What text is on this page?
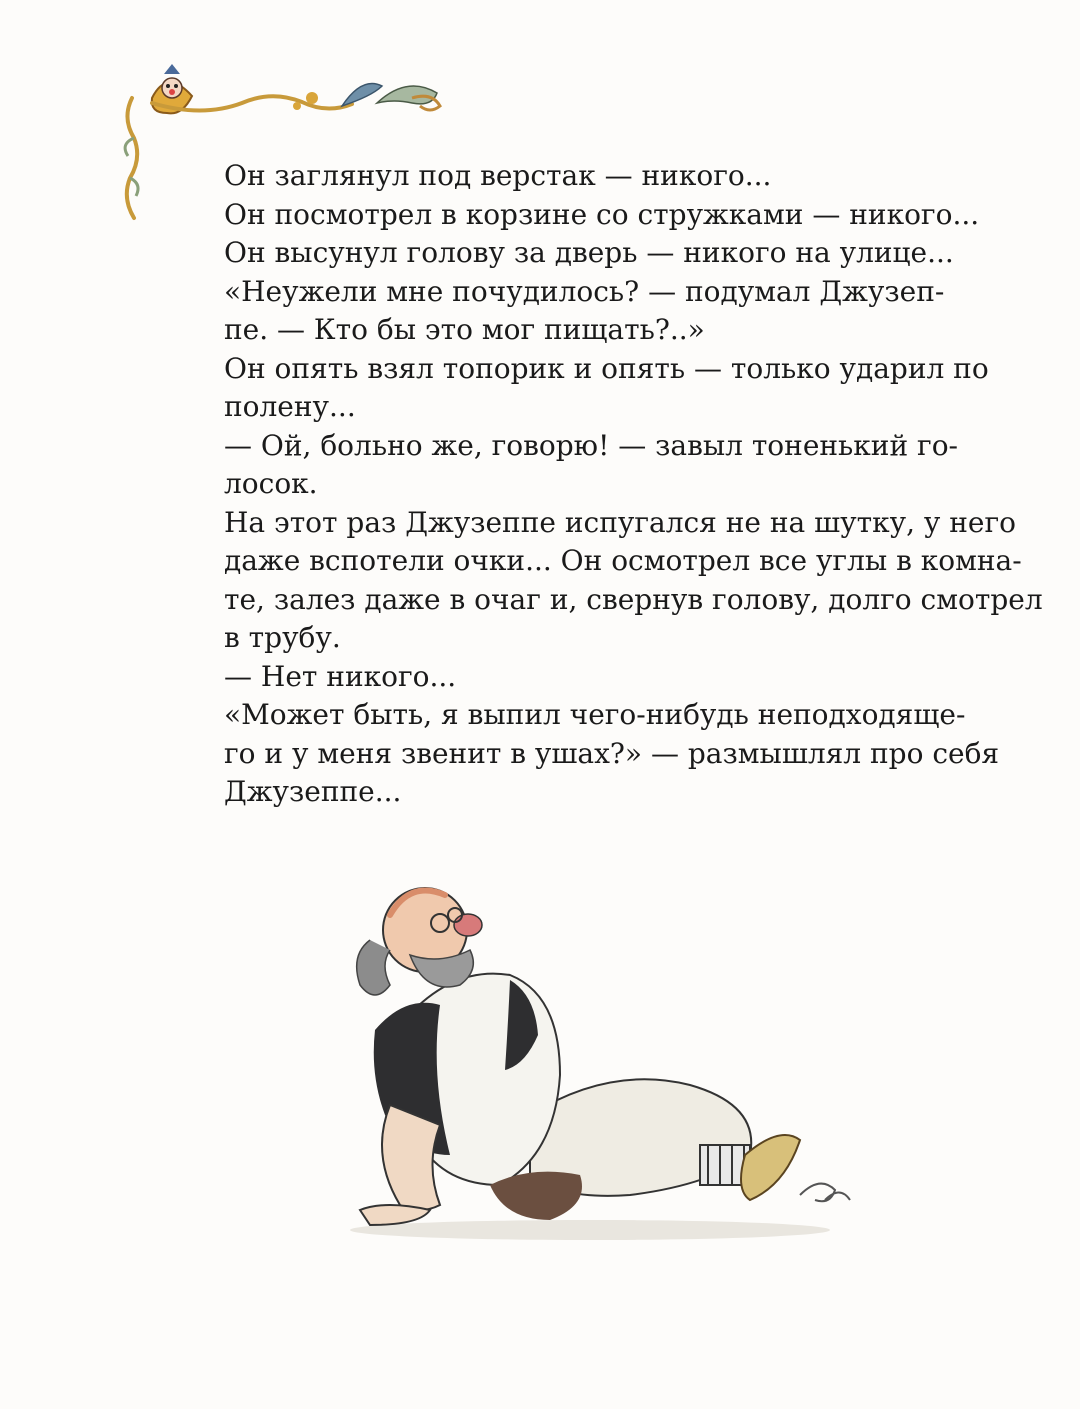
Он заглянул под верстак — никого...

Он посмотрел в корзине со стружками — никого...

Он высунул голову за дверь — никого на улице...

«Неужели мне почудилось? — подумал Джузеп-
пе. — Кто бы это мог пищать?..»

Он опять взял топорик и опять — только ударил по
полену...

— Ой, больно же, говорю! — завыл тоненький го-
лосок.

На этот раз Джузеппе испугался не на шутку, у него
даже вспотели очки... Он осмотрел все углы в комна-
те, залез даже в очаг и, свернув голову, долго смотрел
в трубу.

— Нет никого...

«Может быть, я выпил чего-нибудь неподходяще-
го и у меня звенит в ушах?» — размышлял про себя
Джузеппе...
